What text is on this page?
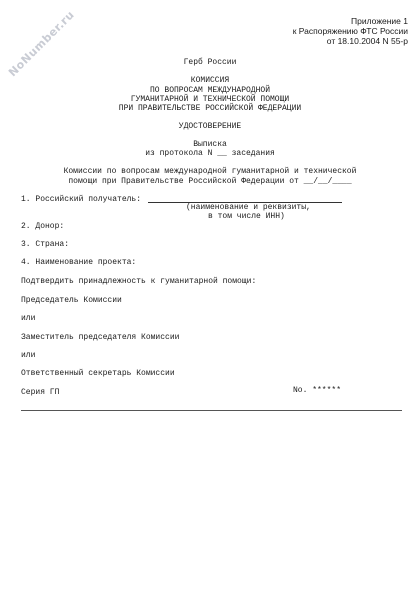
NoNumber.ru	Приложение 1
к Распоряжению ФТС России
от 18.10.2004 N 55-р
Герб России
КОМИССИЯ
ПО ВОПРОСАМ МЕЖДУНАРОДНОЙ
ГУМАНИТАРНОЙ И ТЕХНИЧЕСКОЙ ПОМОЩИ
ПРИ ПРАВИТЕЛЬСТВЕ РОССИЙСКОЙ ФЕДЕРАЦИИ
УДОСТОВЕРЕНИЕ
Выписка
из протокола N __ заседания
Комиссии по вопросам международной гуманитарной и технической
помощи при Правительстве Российской Федерации от __/__/____
1. Российский получатель:
(наименование и реквизиты,
в том числе ИНН)
2. Донор:
3. Страна:
4. Наименование проекта:
Подтвердить принадлежность к гуманитарной помощи:
Председатель Комиссии
или
Заместитель председателя Комиссии
или
Ответственный секретарь Комиссии
Серия ГП	No. ******
